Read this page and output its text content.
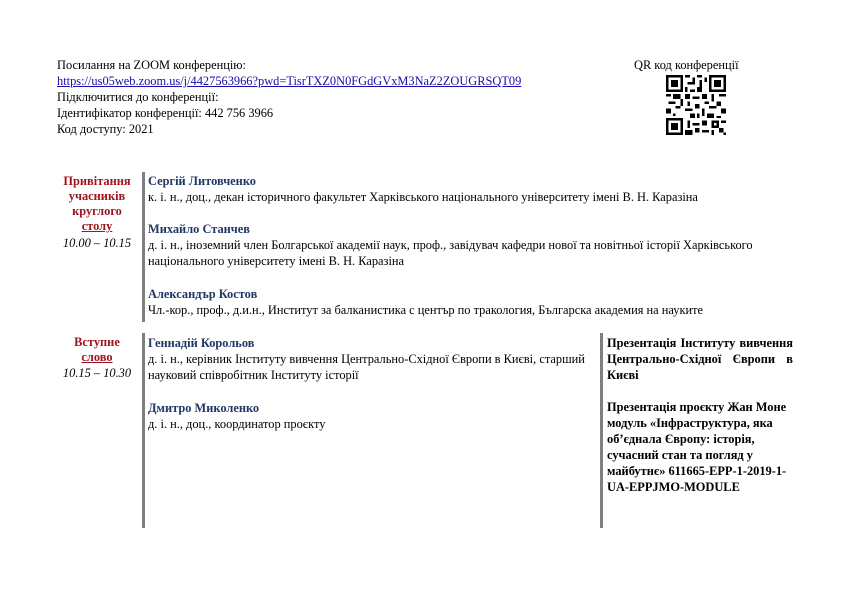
Посилання на ZOOM конференцію:
https://us05web.zoom.us/j/4427563966?pwd=TisrTXZ0N0FGdGVxM3NaZ2ZOUGRSQT09
Підключитися до конференції:
Ідентифікатор конференції: 442 756 3966
Код доступу: 2021
QR код конференції
Привітання
учасників
круглого
столу
10.00 – 10.15
Сергій Литовченко
к. і. н., доц., декан історичного факультет Харківського національного університету імені В. Н. Каразіна
Михайло Станчев
д. і. н., іноземний член Болгарської академії наук, проф., завідувач кафедри нової та новітньої історії Харківського національного університету імені В. Н. Каразіна
Александър Костов
Чл.-кор., проф., д.и.н., Институт за балканистика с център по тракология, Българска академия на науките
Вступне
слово
10.15 – 10.30
Геннадій Корольов
д. і. н., керівник Інституту вивчення Центрально-Східної Європи в Києві, старший науковий співробітник Інституту історії
Дмитро Миколенко
д. і. н., доц., координатор проєкту
Презентація Інституту вивчення Центрально-Східної Європи в Києві
Презентація проєкту Жан Моне модуль «Інфраструктура, яка об’єднала Європу: історія, сучасний стан та погляд у майбутнє» 611665-EPP-1-2019-1-UA-EPPJMO-MODULE
